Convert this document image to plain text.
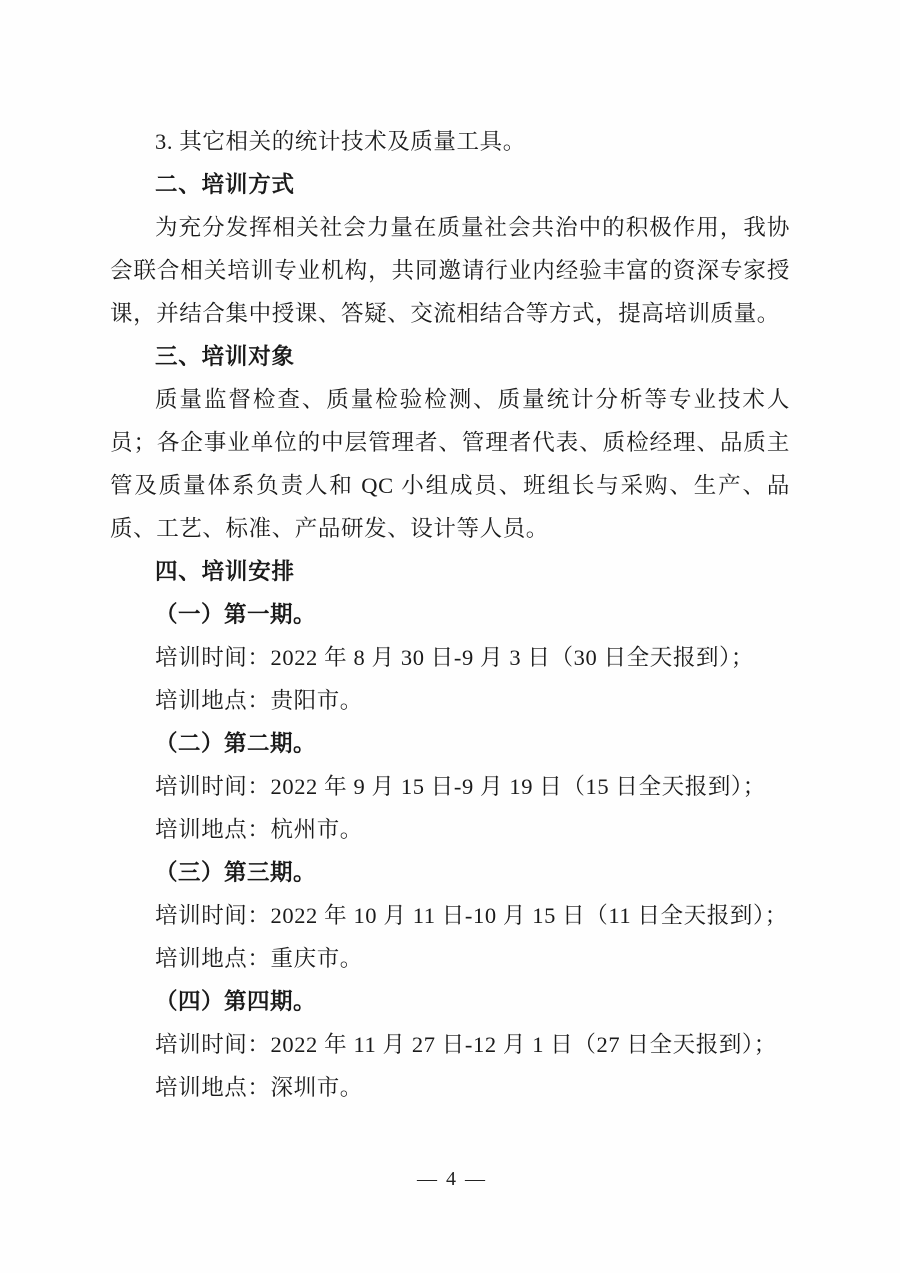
3. 其它相关的统计技术及质量工具。

二、培训方式

为充分发挥相关社会力量在质量社会共治中的积极作用，我协会联合相关培训专业机构，共同邀请行业内经验丰富的资深专家授课，并结合集中授课、答疑、交流相结合等方式，提高培训质量。

三、培训对象

质量监督检查、质量检验检测、质量统计分析等专业技术人员；各企事业单位的中层管理者、管理者代表、质检经理、品质主管及质量体系负责人和 QC 小组成员、班组长与采购、生产、品质、工艺、标准、产品研发、设计等人员。

四、培训安排

（一）第一期。

培训时间：2022 年 8 月 30 日-9 月 3 日（30 日全天报到）；

培训地点：贵阳市。

（二）第二期。

培训时间：2022 年 9 月 15 日-9 月 19 日（15 日全天报到）；

培训地点：杭州市。

（三）第三期。

培训时间：2022 年 10 月 11 日-10 月 15 日（11 日全天报到）；

培训地点：重庆市。

（四）第四期。

培训时间：2022 年 11 月 27 日-12 月 1 日（27 日全天报到）；

培训地点：深圳市。

— 4 —
